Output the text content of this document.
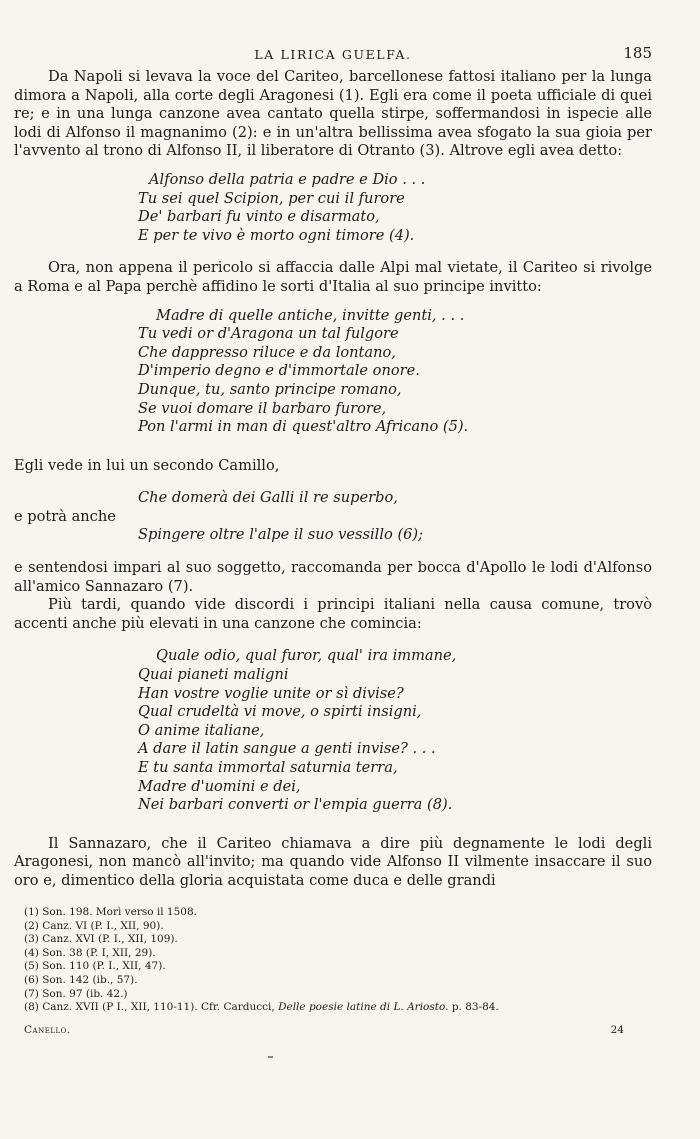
LA LIRICA GUELFA.	185

Da Napoli si levava la voce del Cariteo, barcellonese fattosi italiano per la lunga dimora a Napoli, alla corte degli Aragonesi (1). Egli era come il poeta ufficiale di quei re; e in una lunga canzone avea cantato quella stirpe, soffermandosi in ispecie alle lodi di Alfonso il magnanimo (2): e in un'altra bellissima avea sfogato la sua gioia per l'avvento al trono di Alfonso II, il liberatore di Otranto (3). Altrove egli avea detto:

Alfonso della patria e padre e Dio . . .
Tu sei quel Scipion, per cui il furore
De' barbari fu vinto e disarmato,
E per te vivo è morto ogni timore (4).

Ora, non appena il pericolo si affaccia dalle Alpi mal vietate, il Cariteo si rivolge a Roma e al Papa perchè affidino le sorti d'Italia al suo principe invitto:

Madre di quelle antiche, invitte genti, . . .
Tu vedi or d'Aragona un tal fulgore
Che dappresso riluce e da lontano,
D'imperio degno e d'immortale onore.
Dunque, tu, santo principe romano,
Se vuoi domare il barbaro furore,
Pon l'armi in man di quest'altro Africano (5).

Egli vede in lui un secondo Camillo,

Che domerà dei Galli il re superbo,

e potrà anche

Spingere oltre l'alpe il suo vessillo (6);

e sentendosi impari al suo soggetto, raccomanda per bocca d'Apollo le lodi d'Alfonso all'amico Sannazaro (7).

Più tardi, quando vide discordi i principi italiani nella causa comune, trovò accenti anche più elevati in una canzone che comincia:

Quale odio, qual furor, qual' ira immane,
Quai pianeti maligni
Han vostre voglie unite or sì divise?
Qual crudeltà vi move, o spirti insigni,
O anime italiane,
A dare il latin sangue a genti invise? . . .
E tu santa immortal saturnia terra,
Madre d'uomini e dei,
Nei barbari converti or l'empia guerra (8).

Il Sannazaro, che il Cariteo chiamava a dire più degnamente le lodi degli Aragonesi, non mancò all'invito; ma quando vide Alfonso II vilmente insaccare il suo oro e, dimentico della gloria acquistata come duca e delle grandi

(1) Son. 198. Morì verso il 1508.
(2) Canz. VI (P. I., XII, 90).
(3) Canz. XVI (P. I., XII, 109).
(4) Son. 38 (P. I, XII, 29).
(5) Son. 110 (P. I., XII, 47).
(6) Son. 142 (ib., 57).
(7) Son. 97 (ib. 42.)
(8) Canz. XVII (P I., XII, 110-11). Cfr. Carducci, Delle poesie latine di L. Ariosto. p. 83-84.
Canello.	24
